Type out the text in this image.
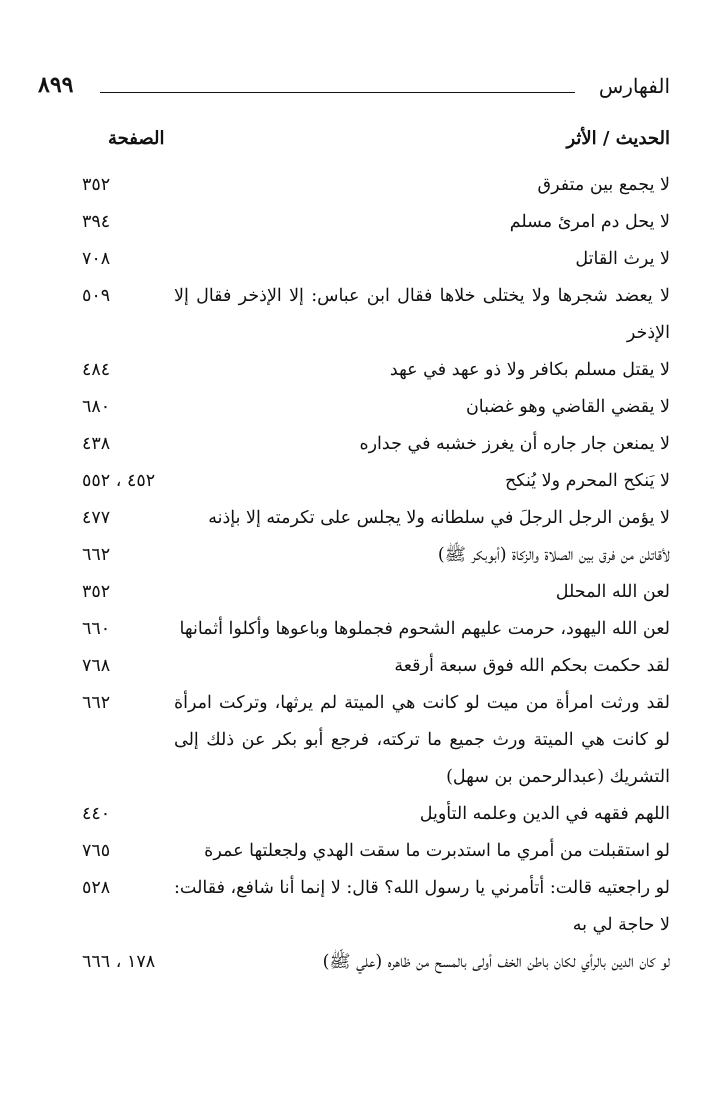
الفهارس
٨٩٩
الحديث / الأثر
الصفحة
لا يجمع بين متفرق
٣٥٢
لا يحل دم امرئ مسلم
٣٩٤
لا يرث القاتل
٧٠٨
لا يعضد شجرها ولا يختلى خلاها فقال ابن عباس: إلا الإذخر فقال إلا الإذخر
٥٠٩
لا يقتل مسلم بكافر ولا ذو عهد في عهد
٤٨٤
لا يقضي القاضي وهو غضبان
٦٨٠
لا يمنعن جار جاره أن يغرز خشبه في جداره
٤٣٨
لا يَنكح المحرم ولا يُنكح
٤٥٢ ، ٥٥٢
لا يؤمن الرجل الرجلَ في سلطانه ولا يجلس على تكرمته إلا بإذنه
٤٧٧
لأقاتلن من فرق بين الصلاة والزكاة (أبوبكر ﷺ)
٦٦٢
لعن الله المحلل
٣٥٢
لعن الله اليهود، حرمت عليهم الشحوم فجملوها وباعوها وأكلوا أثمانها
٦٦٠
لقد حكمت بحكم الله فوق سبعة أرقعة
٧٦٨
لقد ورثت امرأة من ميت لو كانت هي الميتة لم يرثها، وتركت امرأة لو كانت هي الميتة ورث جميع ما تركته، فرجع أبو بكر عن ذلك إلى التشريك (عبدالرحمن بن سهل)
٦٦٢
اللهم فقهه في الدين وعلمه التأويل
٤٤٠
لو استقبلت من أمري ما استدبرت ما سقت الهدي ولجعلتها عمرة
٧٦٥
لو راجعتيه قالت: أتأمرني يا رسول الله؟ قال: لا إنما أنا شافع، فقالت: لا حاجة لي به
٥٢٨
لو كان الدين بالرأي لكان باطن الخف أولى بالمسح من ظاهره (علي ﷺ)
١٧٨ ، ٦٦٦
